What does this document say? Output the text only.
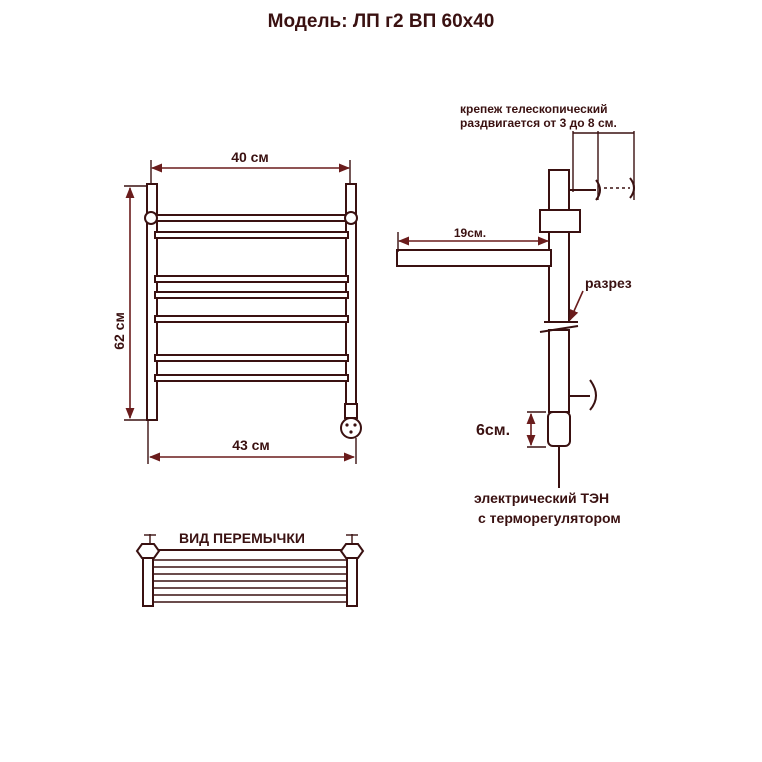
Модель: ЛП г2 ВП 60x40
40 см
62 см
43 см
крепеж телескопический
раздвигается от 3 до 8 см.
разрез
19см.
6см.
электрический ТЭН
с терморегулятором
ВИД ПЕРЕМЫЧКИ
